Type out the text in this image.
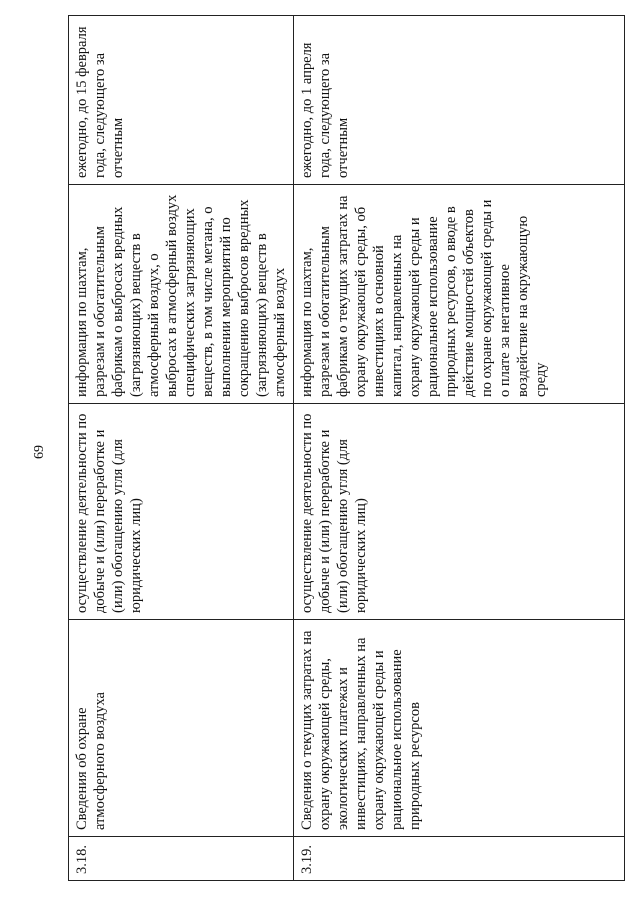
69
3.18.	Сведения об охране атмосферного воздуха	осуществление деятельности по добыче и (или) переработке и (или) обогащению угля (для юридических лиц)	информация по шахтам, разрезам и обогатительным фабрикам о выбросах вредных (загрязняющих) веществ в атмосферный воздух, о выбросах в атмосферный воздух специфических загрязняющих веществ, в том числе метана, о выполнении мероприятий по сокращению выбросов вредных (загрязняющих) веществ в атмосферный воздух	ежегодно, до 15 февраля года, следующего за отчетным
3.19.	Сведения о текущих затратах на охрану окружающей среды, экологических платежах и инвестициях, направленных на охрану окружающей среды и рациональное использование природных ресурсов	осуществление деятельности по добыче и (или) переработке и (или) обогащению угля (для юридических лиц)	информация по шахтам, разрезам и обогатительным фабрикам о текущих затратах на охрану окружающей среды, об инвестициях в основной капитал, направленных на охрану окружающей среды и рациональное использование природных ресурсов, о вводе в действие мощностей объектов по охране окружающей среды и о плате за негативное воздействие на окружающую среду	ежегодно, до 1 апреля года, следующего за отчетным
